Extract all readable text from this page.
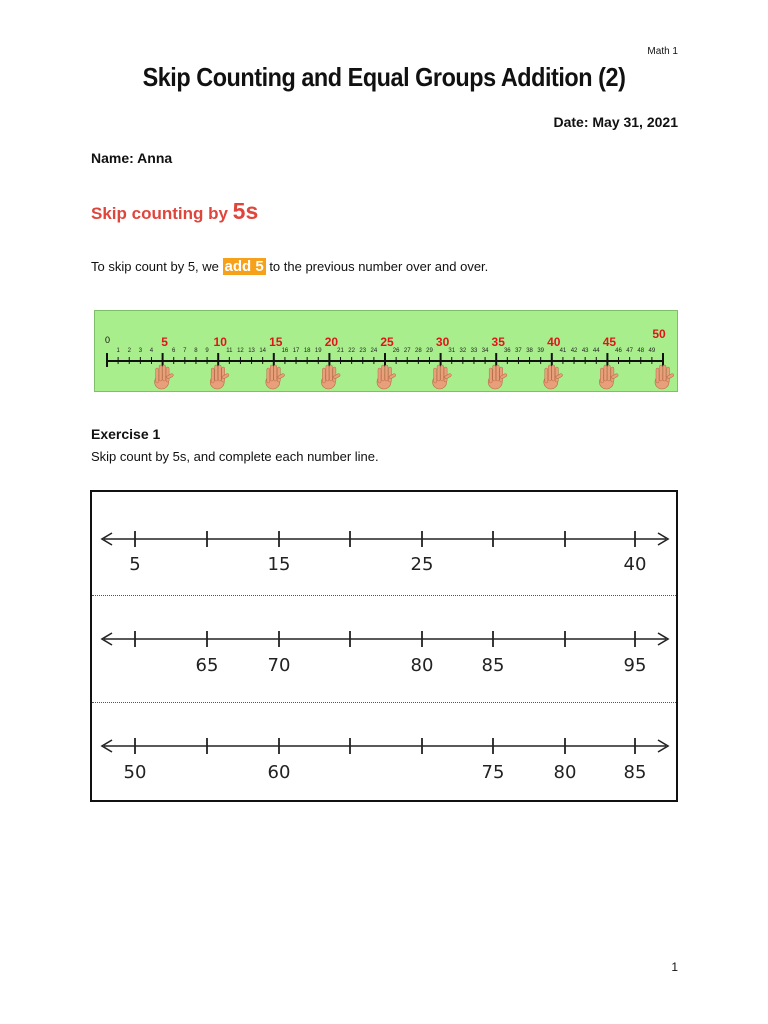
Math 1
Skip Counting and Equal Groups Addition (2)
Date: May 31, 2021
Name: Anna
Skip counting by 5s
To skip count by 5, we add 5 to the previous number over and over.
0
1 2 3 4	6 7 8 9	11 12 13 14	16 17 18 19	21 22 23 24	26 27 28 29	31 32 33 34	36 37 38 39	41 42 43 44	46 47 48 49
5	10	15	20	25	30	35	40	45
50
Exercise 1
Skip count by 5s, and complete each number line.
5	15	25	40
65	70	80	85	95
50	60	75	80	85
1
